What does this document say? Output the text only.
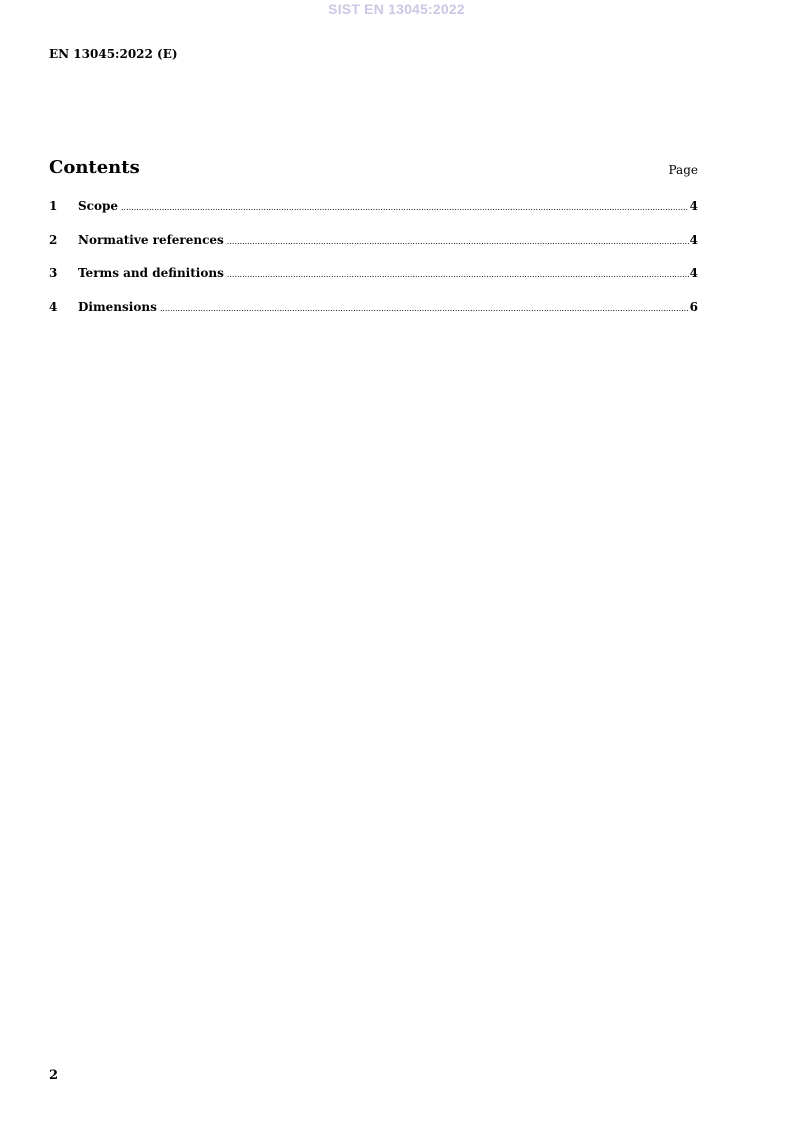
SIST EN 13045:2022
EN 13045:2022 (E)
Contents	Page
1	Scope .....	4
2	Normative references .....	4
3	Terms and definitions .....	4
4	Dimensions .....	6
2
